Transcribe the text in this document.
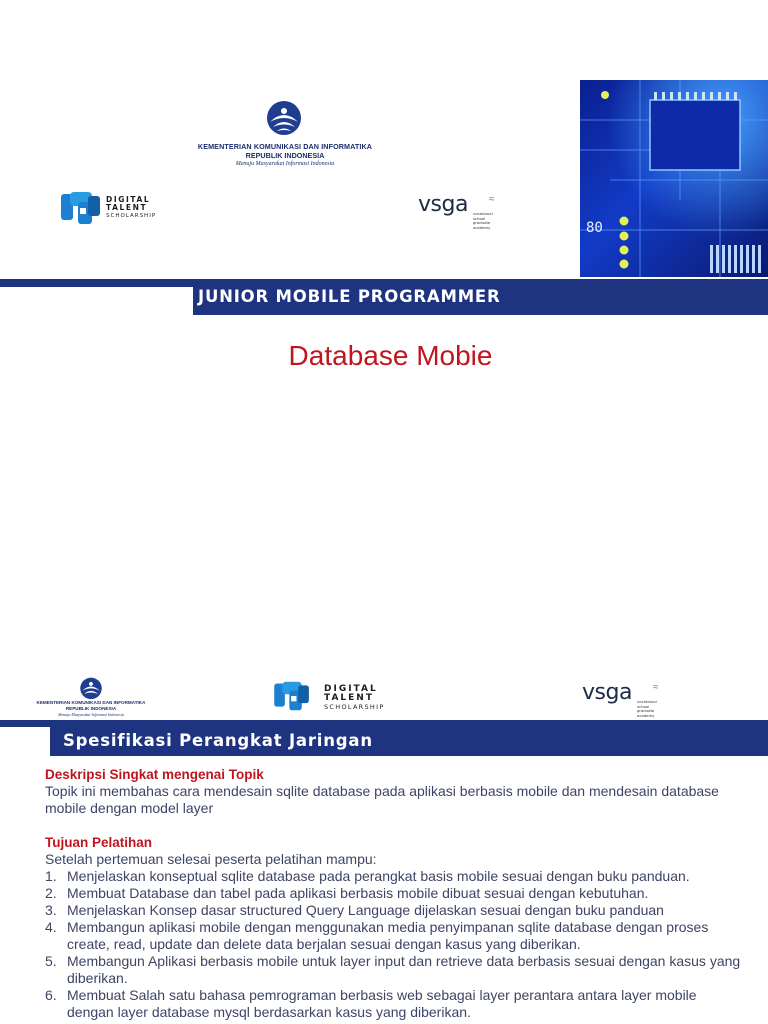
KEMENTERIAN KOMUNIKASI DAN INFORMATIKA
REPUBLIK INDONESIA
Menuju Masyarakat Informasi Indonesia
DIGITAL
TALENT
SCHOLARSHIP	vsga ≈
vocational
school
graduate
academy	80
JUNIOR MOBILE PROGRAMMER
Database Mobie
KEMENTERIAN KOMUNIKASI DAN INFORMATIKA
REPUBLIK INDONESIA
Menuju Masyarakat Informasi Indonesia
DIGITAL
TALENT
SCHOLARSHIP
vsga ≈
vocational
school
graduate
academy
Spesifikasi Perangkat Jaringan
Deskripsi Singkat mengenai Topik
Topik ini membahas cara mendesain sqlite database pada aplikasi berbasis mobile dan mendesain database mobile dengan model layer
Tujuan Pelatihan
Setelah pertemuan selesai peserta pelatihan mampu:
1. Menjelaskan konseptual sqlite database pada perangkat basis mobile sesuai dengan buku panduan.
2. Membuat Database dan tabel pada aplikasi berbasis mobile dibuat sesuai dengan kebutuhan.
3. Menjelaskan Konsep dasar structured Query Language dijelaskan sesuai dengan buku panduan
4. Membangun aplikasi mobile dengan menggunakan media penyimpanan sqlite database dengan proses create, read, update dan delete data berjalan sesuai dengan kasus yang diberikan.
5. Membangun Aplikasi berbasis mobile untuk layer input dan retrieve data berbasis sesuai dengan kasus yang diberikan.
6. Membuat Salah satu bahasa pemrograman berbasis web sebagai layer perantara antara layer mobile dengan layer database mysql berdasarkan kasus yang diberikan.
